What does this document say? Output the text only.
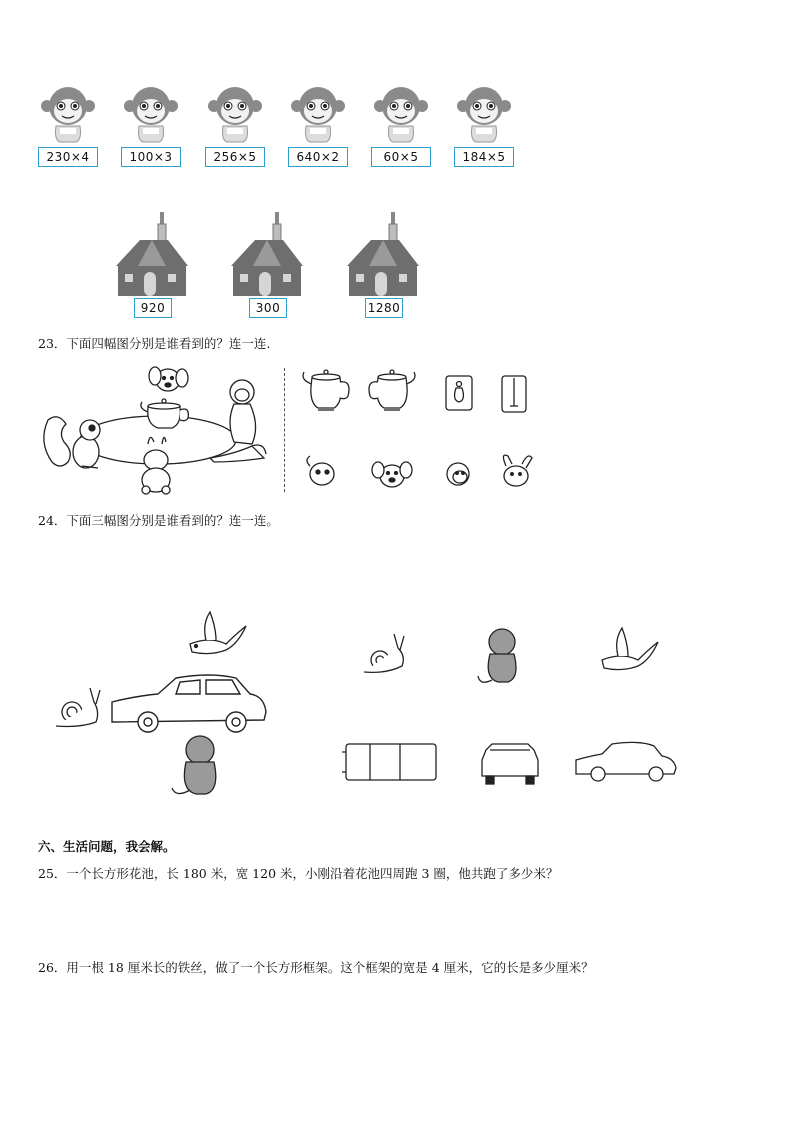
230×4	100×3	256×5	640×2	60×5	184×5
920	300	1280
23．下面四幅图分别是谁看到的？连一连.
24．下面三幅图分别是谁看到的？连一连。
六、生活问题，我会解。
25．一个长方形花池，长 180 米，宽 120 米，小刚沿着花池四周跑 3 圈，他共跑了多少米？
26．用一根 18 厘米长的铁丝，做了一个长方形框架。这个框架的宽是 4 厘米，它的长是多少厘米？
